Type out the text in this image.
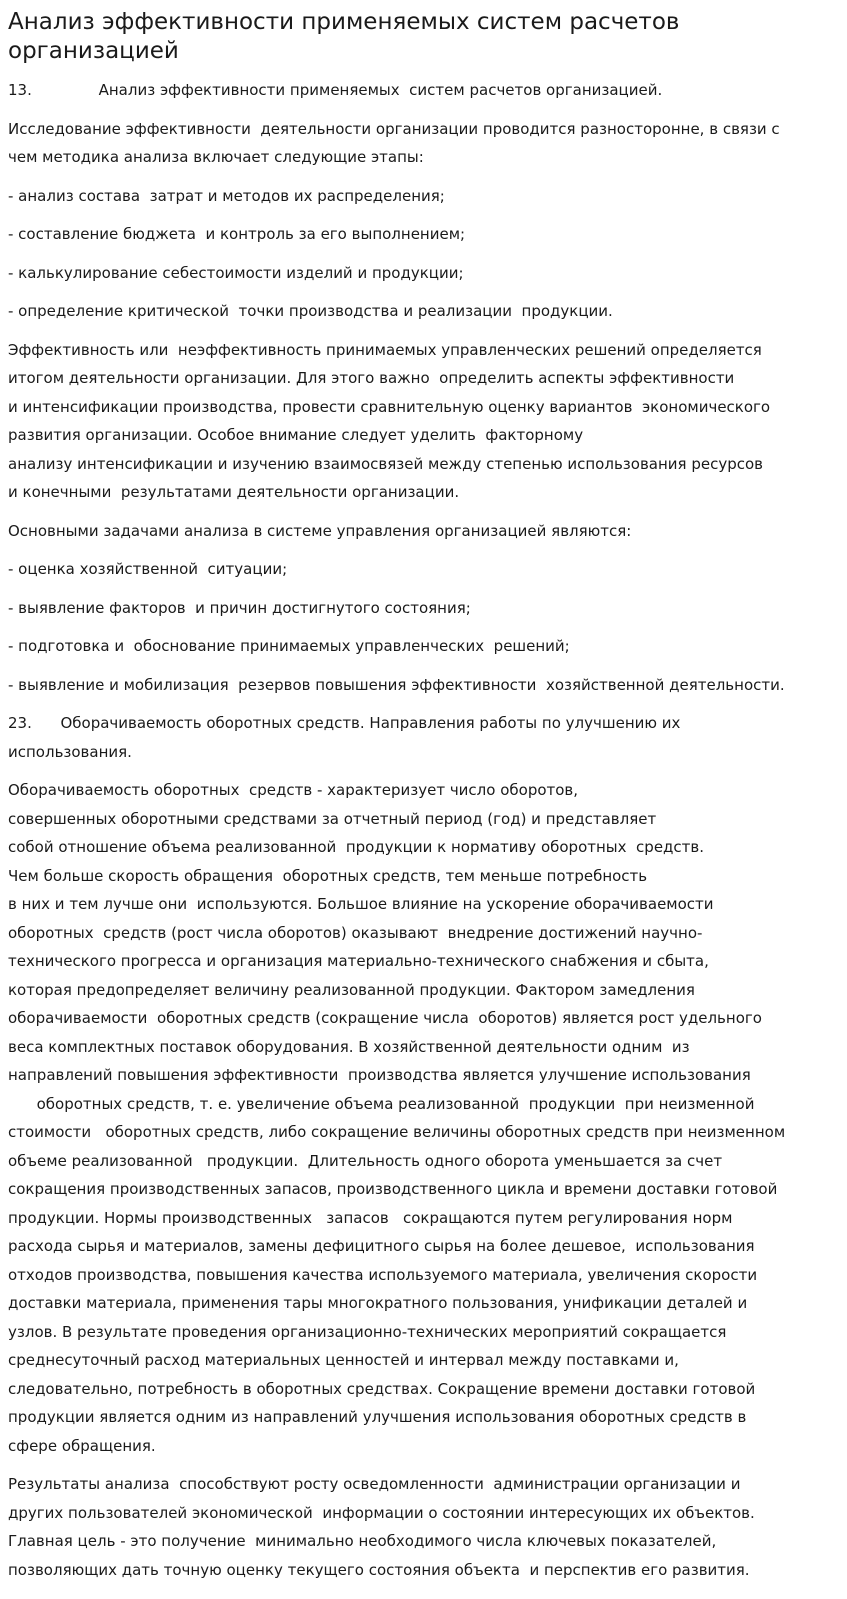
Анализ эффективности применяемых систем расчетов организацией
13.              Анализ эффективности применяемых  систем расчетов организацией.
Исследование эффективности  деятельности организации проводится разносторонне, в связи с
чем методика анализа включает следующие этапы:
- анализ состава  затрат и методов их распределения;
- составление бюджета  и контроль за его выполнением;
- калькулирование себестоимости изделий и продукции;
- определение критической  точки производства и реализации  продукции.
Эффективность или  неэффективность принимаемых управленческих решений определяется
итогом деятельности организации. Для этого важно  определить аспекты эффективности
и интенсификации производства, провести сравнительную оценку вариантов  экономического
развития организации. Особое внимание следует уделить  факторному
анализу интенсификации и изучению взаимосвязей между степенью использования ресурсов
и конечными  результатами деятельности организации.
Основными задачами анализа в системе управления организацией являются:
- оценка хозяйственной  ситуации;
- выявление факторов  и причин достигнутого состояния;
- подготовка и  обоснование принимаемых управленческих  решений;
- выявление и мобилизация  резервов повышения эффективности  хозяйственной деятельности.
23.      Оборачиваемость оборотных средств. Направления работы по улучшению их
использования.
Оборачиваемость оборотных  средств - характеризует число оборотов,
совершенных оборотными средствами за отчетный период (год) и представляет
собой отношение объема реализованной  продукции к нормативу оборотных  средств.
Чем больше скорость обращения  оборотных средств, тем меньше потребность
в них и тем лучше они  используются. Большое влияние на ускорение оборачиваемости
оборотных  средств (рост числа оборотов) оказывают  внедрение достижений научно-
технического прогресса и организация материально-технического снабжения и сбыта,
которая предопределяет величину реализованной продукции. Фактором замедления
оборачиваемости  оборотных средств (сокращение числа  оборотов) является рост удельного
веса комплектных поставок оборудования. В хозяйственной деятельности одним  из
направлений повышения эффективности  производства является улучшение использования
оборотных средств, т. е. увеличение объема реализованной  продукции  при неизменной
стоимости   оборотных средств, либо сокращение величины оборотных средств при неизменном
объеме реализованной   продукции.  Длительность одного оборота уменьшается за счет
сокращения производственных запасов, производственного цикла и времени доставки готовой
продукции. Нормы производственных   запасов   сокращаются путем регулирования норм
расхода сырья и материалов, замены дефицитного сырья на более дешевое,  использования
отходов производства, повышения качества используемого материала, увеличения скорости
доставки материала, применения тары многократного пользования, унификации деталей и
узлов. В результате проведения организационно-технических мероприятий сокращается
среднесуточный расход материальных ценностей и интервал между поставками и,
следовательно, потребность в оборотных средствах. Сокращение времени доставки готовой
продукции является одним из направлений улучшения использования оборотных средств в
сфере обращения.
Результаты анализа  способствуют росту осведомленности  администрации организации и
других пользователей экономической  информации о состоянии интересующих их объектов.
Главная цель - это получение  минимально необходимого числа ключевых показателей,
позволяющих дать точную оценку текущего состояния объекта  и перспектив его развития.
